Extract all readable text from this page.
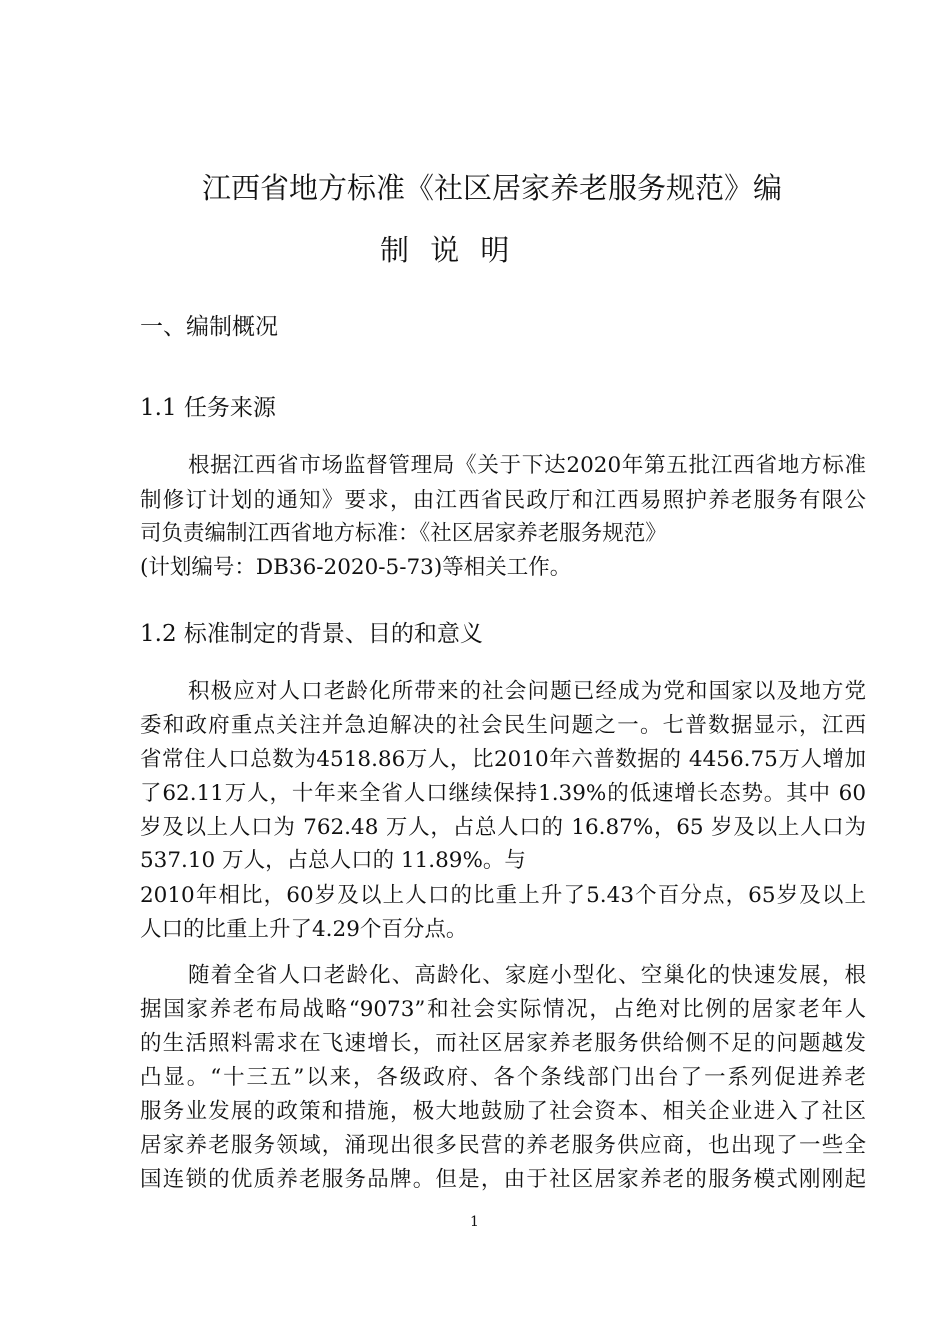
江西省地方标准《社区居家养老服务规范》编
制 说 明
一、编制概况
1.1 任务来源
根据江西省市场监督管理局《关于下达2020年第五批江西省地方标准
制修订计划的通知》要求，由江西省民政厅和江西易照护养老服务有限公
司负责编制江西省地方标准：《社区居家养老服务规范》
(计划编号：DB36-2020-5-73)等相关工作。
1.2 标准制定的背景、目的和意义
积极应对人口老龄化所带来的社会问题已经成为党和国家以及地方党
委和政府重点关注并急迫解决的社会民生问题之一。七普数据显示，江西
省常住人口总数为4518.86万人，比2010年六普数据的 4456.75万人增加
了62.11万人，十年来全省人口继续保持1.39%的低速增长态势。其中 60
岁及以上人口为 762.48 万人，占总人口的 16.87%，65 岁及以上人口为
537.10 万人，占总人口的 11.89%。与
2010年相比，60岁及以上人口的比重上升了5.43个百分点，65岁及以上
人口的比重上升了4.29个百分点。
随着全省人口老龄化、高龄化、家庭小型化、空巢化的快速发展，根
据国家养老布局战略“9073”和社会实际情况，占绝对比例的居家老年人
的生活照料需求在飞速增长，而社区居家养老服务供给侧不足的问题越发
凸显。“十三五”以来，各级政府、各个条线部门出台了一系列促进养老
服务业发展的政策和措施，极大地鼓励了社会资本、相关企业进入了社区
居家养老服务领域，涌现出很多民营的养老服务供应商，也出现了一些全
国连锁的优质养老服务品牌。但是，由于社区居家养老的服务模式刚刚起
1
